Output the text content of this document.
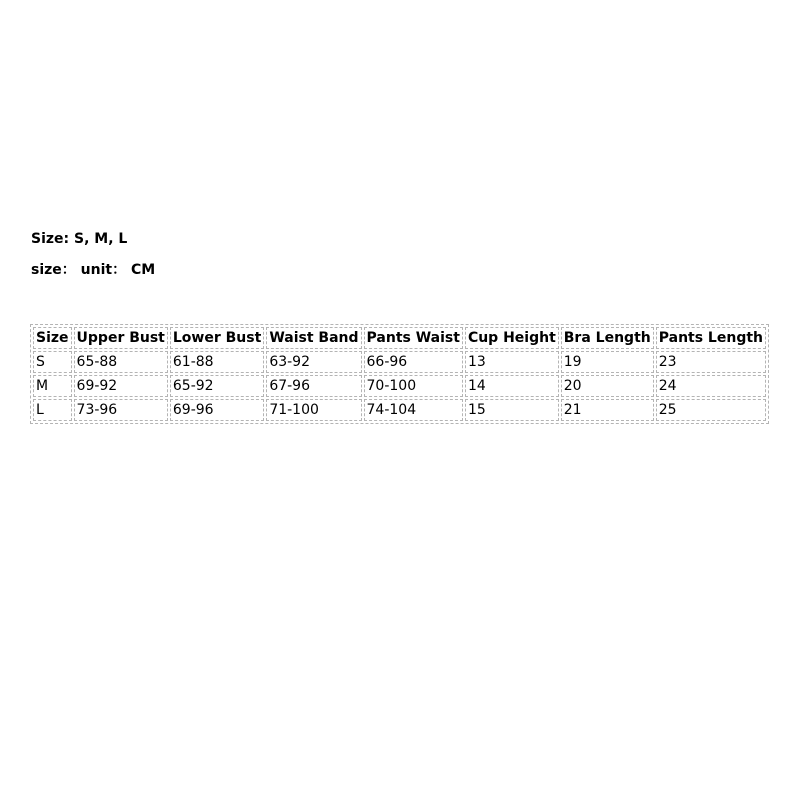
Size: S, M, L
size： unit： CM
Size	Upper Bust	Lower Bust	Waist Band	Pants Waist	Cup Height	Bra Length	Pants Length
S	65-88	61-88	63-92	66-96	13	19	23
M	69-92	65-92	67-96	70-100	14	20	24
L	73-96	69-96	71-100	74-104	15	21	25
